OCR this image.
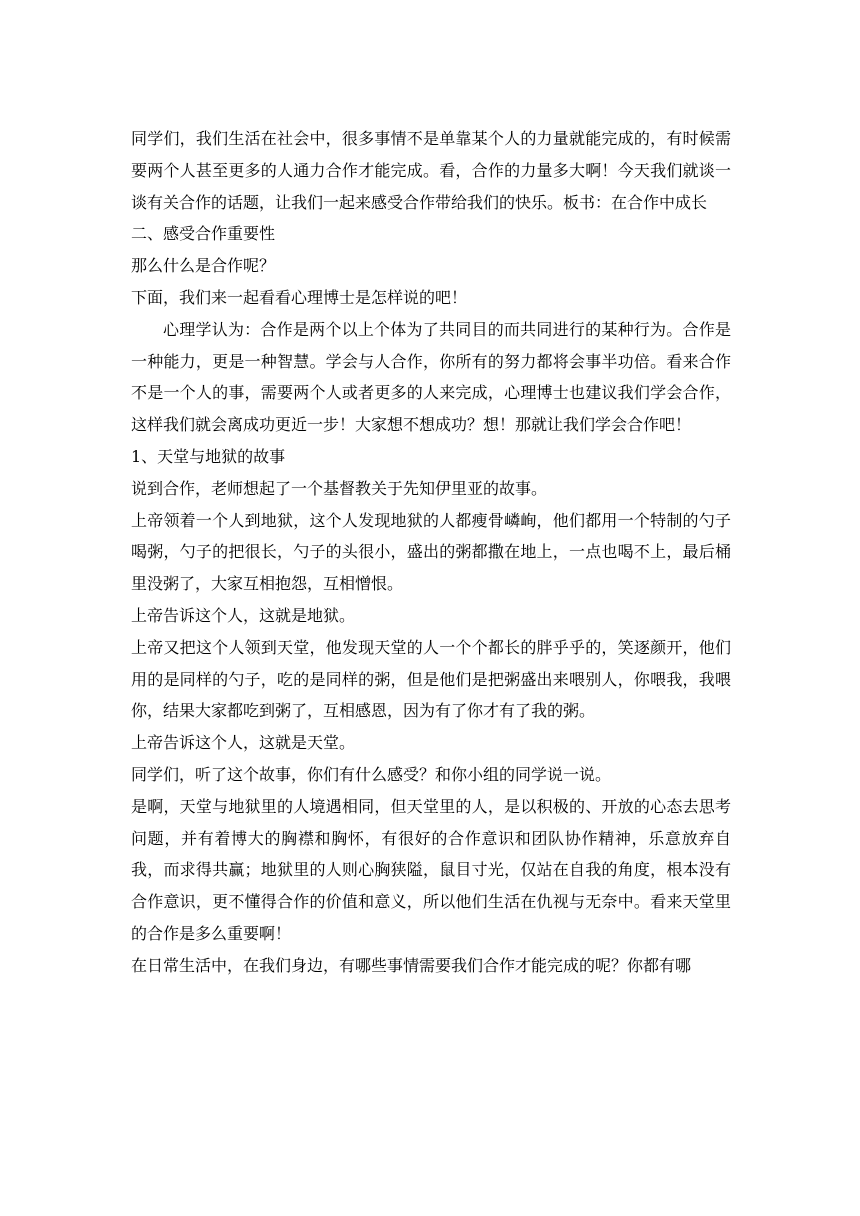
同学们，我们生活在社会中，很多事情不是单靠某个人的力量就能完成的，有时候需要两个人甚至更多的人通力合作才能完成。看，合作的力量多大啊！今天我们就谈一谈有关合作的话题，让我们一起来感受合作带给我们的快乐。板书：在合作中成长

二、感受合作重要性

那么什么是合作呢？

下面，我们来一起看看心理博士是怎样说的吧！

心理学认为：合作是两个以上个体为了共同目的而共同进行的某种行为。合作是一种能力，更是一种智慧。学会与人合作，你所有的努力都将会事半功倍。看来合作不是一个人的事，需要两个人或者更多的人来完成，心理博士也建议我们学会合作，这样我们就会离成功更近一步！大家想不想成功？想！那就让我们学会合作吧！

1、天堂与地狱的故事

说到合作，老师想起了一个基督教关于先知伊里亚的故事。

上帝领着一个人到地狱，这个人发现地狱的人都瘦骨嶙峋，他们都用一个特制的勺子喝粥，勺子的把很长，勺子的头很小，盛出的粥都撒在地上，一点也喝不上，最后桶里没粥了，大家互相抱怨，互相憎恨。

上帝告诉这个人，这就是地狱。

上帝又把这个人领到天堂，他发现天堂的人一个个都长的胖乎乎的，笑逐颜开，他们用的是同样的勺子，吃的是同样的粥，但是他们是把粥盛出来喂别人，你喂我，我喂你，结果大家都吃到粥了，互相感恩，因为有了你才有了我的粥。

上帝告诉这个人，这就是天堂。

同学们，听了这个故事，你们有什么感受？和你小组的同学说一说。

是啊，天堂与地狱里的人境遇相同，但天堂里的人，是以积极的、开放的心态去思考问题，并有着博大的胸襟和胸怀，有很好的合作意识和团队协作精神，乐意放弃自我，而求得共赢；地狱里的人则心胸狭隘，鼠目寸光，仅站在自我的角度，根本没有合作意识，更不懂得合作的价值和意义，所以他们生活在仇视与无奈中。看来天堂里的合作是多么重要啊！

在日常生活中，在我们身边，有哪些事情需要我们合作才能完成的呢？你都有哪
